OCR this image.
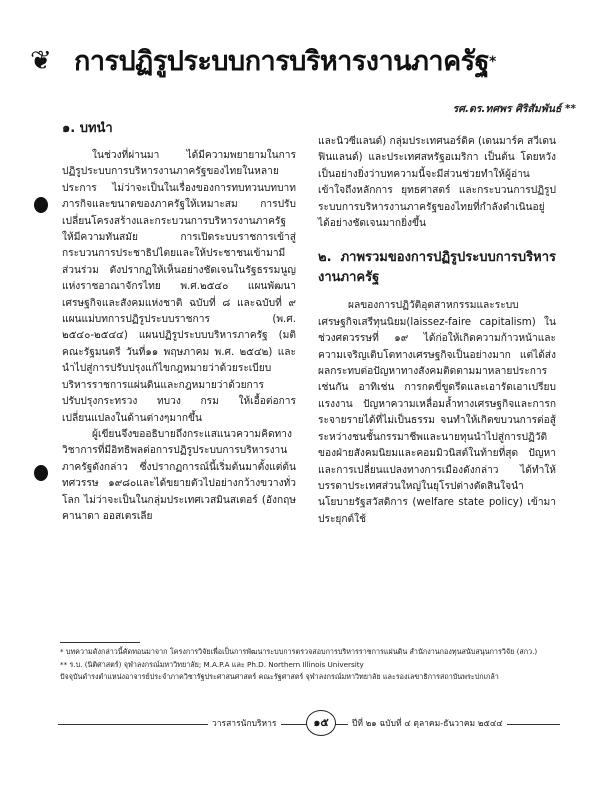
❦ การปฏิรูประบบการบริหารงานภาครัฐ*
รศ.ดร.ทศพร ศิริสัมพันธ์ **
๑. บทนำ

ในช่วงที่ผ่านมา ได้มีความพยายามในการปฏิรูประบบการบริหารงานภาครัฐของไทยในหลายประการ ไม่ว่าจะเป็นในเรื่องของการทบทวนบทบาทภารกิจและขนาดของภาครัฐให้เหมาะสม การปรับเปลี่ยนโครงสร้างและกระบวนการบริหารงานภาครัฐให้มีความทันสมัย การเปิดระบบราชการเข้าสู่กระบวนการประชาธิปไตยและให้ประชาชนเข้ามามีส่วนร่วม ดังปรากฏให้เห็นอย่างชัดเจนในรัฐธรรมนูญแห่งราชอาณาจักรไทย พ.ศ.๒๕๔๐ แผนพัฒนาเศรษฐกิจและสังคมแห่งชาติ ฉบับที่ ๘ และฉบับที่ ๙ แผนแม่บทการปฏิรูประบบราชการ (พ.ศ. ๒๕๔๐-๒๕๔๔) แผนปฏิรูประบบบริหารภาครัฐ (มติคณะรัฐมนตรี วันที่๑๑ พฤษภาคม พ.ศ. ๒๕๔๒) และนำไปสู่การปรับปรุงแก้ไขกฎหมายว่าด้วยระเบียบบริหารราชการแผ่นดินและกฎหมายว่าด้วยการปรับปรุงกระทรวง ทบวง กรม ให้เอื้อต่อการเปลี่ยนแปลงในด้านต่างๆมากขึ้น

ผู้เขียนจึงขออธิบายถึงกระแสแนวความคิดทางวิชาการที่มีอิทธิพลต่อการปฏิรูประบบการบริหารงานภาครัฐดังกล่าว ซึ่งปรากฏการณ์นี้เริ่มต้นมาตั้งแต่ต้นทศวรรษ ๑๙๘๐และได้ขยายตัวไปอย่างกว้างขวางทั่วโลก ไม่ว่าจะเป็นในกลุ่มประเทศเวสมินสเตอร์ (อังกฤษ คานาดา ออสเตรเลีย

และนิวซีแลนด์) กลุ่มประเทศนอร์ดิค (เดนมาร์ค สวีเดน ฟินแลนด์) และประเทศสหรัฐอเมริกา เป็นต้น โดยหวังเป็นอย่างยิ่งว่าบทความนี้จะมีส่วนช่วยทำให้ผู้อ่านเข้าใจถึงหลักการ ยุทธศาสตร์ และกระบวนการปฏิรูประบบการบริหารงานภาครัฐของไทยที่กำลังดำเนินอยู่ได้อย่างชัดเจนมากยิ่งขึ้น

๒. ภาพรวมของการปฏิรูประบบการบริหารงานภาครัฐ

ผลของการปฏิวัติอุตสาหกรรมและระบบเศรษฐกิจเสรีทุนนิยม(laissez-faire capitalism) ในช่วงศตวรรษที่ ๑๙ ได้ก่อให้เกิดความก้าวหน้าและความเจริญเติบโตทางเศรษฐกิจเป็นอย่างมาก แต่ได้ส่งผลกระทบต่อปัญหาทางสังคมติดตามมาหลายประการเช่นกัน อาทิเช่น การกดขี่ขูดรีดและเอารัดเอาเปรียบแรงงาน ปัญหาความเหลื่อมล้ำทางเศรษฐกิจและการกระจายรายได้ที่ไม่เป็นธรรม จนทำให้เกิดขบวนการต่อสู้ระหว่างชนชั้นกรรมาชีพและนายทุนนำไปสู่การปฏิวัติของฝ่ายสังคมนิยมและคอมมิวนิสต์ในท้ายที่สุด ปัญหาและการเปลี่ยนแปลงทางการเมืองดังกล่าว ได้ทำให้บรรดาประเทศส่วนใหญ่ในยุโรปต่างตัดสินใจนำนโยบายรัฐสวัสดิการ (welfare state policy) เข้ามาประยุกต์ใช้

* บทความดังกล่าวนี้คัดทอนมาจาก โครงการวิจัยเพื่อเป็นการพัฒนาระบบการตรวจสอบการบริหารราชการแผ่นดิน สำนักงานกองทุนสนับสนุนการวิจัย (สกว.)
** ร.บ. (นิติศาสตร์) จุฬาลงกรณ์มหาวิทยาลัย; M.A.P.A และ Ph.D. Northern Illinois University
ปัจจุบันดำรงตำแหน่งอาจารย์ประจำภาควิชารัฐประศาสนศาสตร์ คณะรัฐศาสตร์ จุฬาลงกรณ์มหาวิทยาลัย และรองเลขาธิการสถาบันพระปกเกล้า
วารสารนักบริหาร	๑๕	ปีที่ ๒๑ ฉบับที่ ๔ ตุลาคม-ธันวาคม ๒๕๔๔
